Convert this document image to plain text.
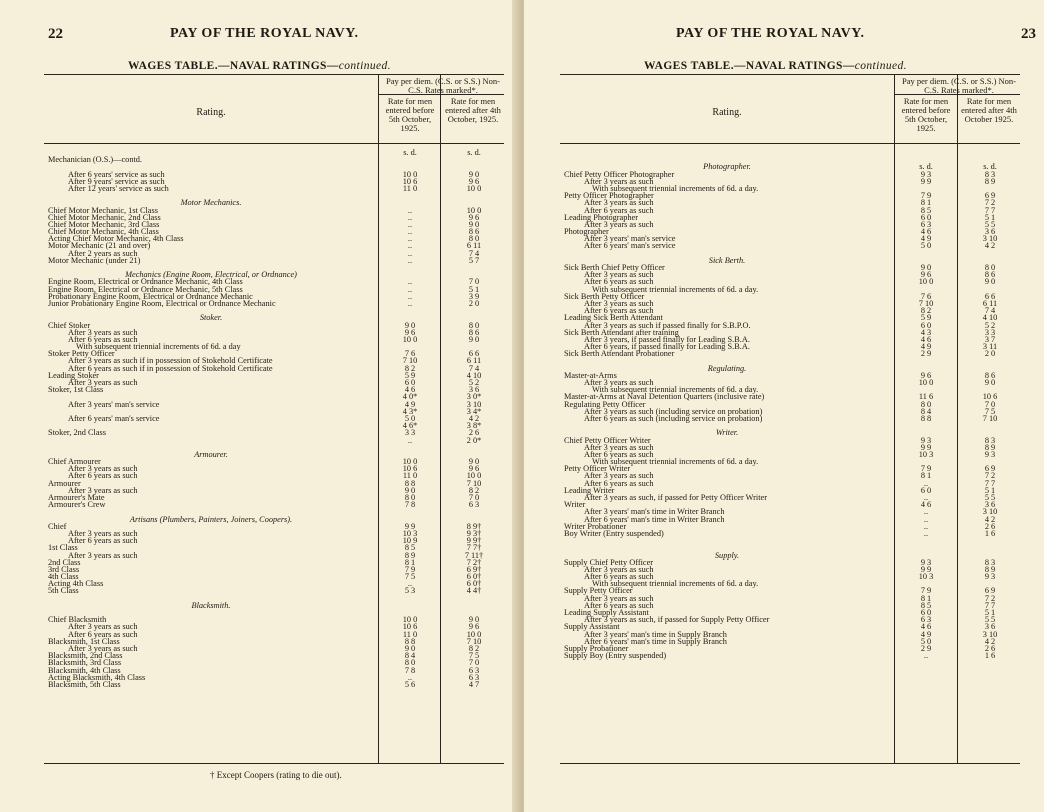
22	PAY OF THE ROYAL NAVY.
WAGES TABLE.—NAVAL RATINGS—continued.
Pay per diem. (C.S. or S.S.) Non-C.S. Rates marked*.
Rate for men entered before 5th October, 1925.
Rate for men entered after 4th October, 1925.
Rating.
s. d.	s. d.
Mechanician (O.S.)—contd.
After 6 years' service as such	10 0	9 0
After 9 years' service as such	10 6	9 6
After 12 years' service as such	11 0	10 0
Motor Mechanics.
Chief Motor Mechanic, 1st Class	..	10 0
Chief Motor Mechanic, 2nd Class	..	9 6
Chief Motor Mechanic, 3rd Class	..	9 0
Chief Motor Mechanic, 4th Class	..	8 6
Acting Chief Motor Mechanic, 4th Class	..	8 0
Motor Mechanic (21 and over)	..	6 11
After 2 years as such	..	7 4
Motor Mechanic (under 21)	..	5 7
Mechanics (Engine Room, Electrical, or Ordnance)
Engine Room, Electrical or Ordnance Mechanic, 4th Class	..	7 0
Engine Room, Electrical or Ordnance Mechanic, 5th Class	..	5 1
Probationary Engine Room, Electrical or Ordnance Mechanic	..	3 9
Junior Probationary Engine Room, Electrical or Ordnance Mechanic	..	2 0
Stoker.
Chief Stoker	9 0	8 0
After 3 years as such	9 6	8 6
After 6 years as such	10 0	9 0
With subsequent triennial increments of 6d. a day
Stoker Petty Officer	7 6	6 6
After 3 years as such if in possession of Stokehold Certificate	7 10	6 11
After 6 years as such if in possession of Stokehold Certificate	8 2	7 4
Leading Stoker	5 9	4 10
After 3 years as such	6 0	5 2
Stoker, 1st Class	4 6	3 6
4 0*	3 0*
After 3 years' man's service	4 9	3 10
4 3*	3 4*
After 6 years' man's service	5 0	4 2
4 6*	3 8*
Stoker, 2nd Class	3 3	2 6
..	2 0*
Armourer.
Chief Armourer	10 0	9 0
After 3 years as such	10 6	9 6
After 6 years as such	11 0	10 0
Armourer	8 8	7 10
After 3 years as such	9 0	8 2
Armourer's Mate	8 0	7 0
Armourer's Crew	7 8	6 3
Artisans (Plumbers, Painters, Joiners, Coopers).
Chief	9 9	8 9†
After 3 years as such	10 3	9 3†
After 6 years as such	10 9	9 9†
1st Class	8 5	7 7†
After 3 years as such	8 9	7 11†
2nd Class	8 1	7 2†
3rd Class	7 9	6 9†
4th Class	7 5	6 0†
Acting 4th Class	..	6 0†
5th Class	5 3	4 4†
Blacksmith.
Chief Blacksmith	10 0	9 0
After 3 years as such	10 6	9 6
After 6 years as such	11 0	10 0
Blacksmith, 1st Class	8 8	7 10
After 3 years as such	9 0	8 2
Blacksmith, 2nd Class	8 4	7 5
Blacksmith, 3rd Class	8 0	7 0
Blacksmith, 4th Class	7 8	6 3
Acting Blacksmith, 4th Class	..	6 3
Blacksmith, 5th Class	5 6	4 7
† Except Coopers (rating to die out).
23
PAY OF THE ROYAL NAVY.
WAGES TABLE.—NAVAL RATINGS—continued.
Pay per diem. (C.S. or S.S.) Non-C.S. Rates marked*.
Rate for men entered before 5th October, 1925.
Rate for men entered after 4th October 1925.
Rating.
Photographer.	s. d.	s. d.
Chief Petty Officer Photographer	9 3	8 3
After 3 years as such	9 9	8 9
With subsequent triennial increments of 6d. a day.
Petty Officer Photographer	7 9	6 9
After 3 years as such	8 1	7 2
After 6 years as such	8 5	7 7
Leading Photographer	6 0	5 1
After 3 years as such	6 3	5 5
Photographer	4 6	3 6
After 3 years' man's service	4 9	3 10
After 6 years' man's service	5 0	4 2
Sick Berth.
Sick Berth Chief Petty Officer	9 0	8 0
After 3 years as such	9 6	8 6
After 6 years as such	10 0	9 0
With subsequent triennial increments of 6d. a day.
Sick Berth Petty Officer	7 6	6 6
After 3 years as such	7 10	6 11
After 6 years as such	8 2	7 4
Leading Sick Berth Attendant	5 9	4 10
After 3 years as such if passed finally for S.B.P.O.	6 0	5 2
Sick Berth Attendant after training	4 3	3 3
After 3 years, if passed finally for Leading S.B.A.	4 6	3 7
After 6 years, if passed finally for Leading S.B.A.	4 9	3 11
Sick Berth Attendant Probationer	2 9	2 0
Regulating.
Master-at-Arms	9 6	8 6
After 3 years as such	10 0	9 0
With subsequent triennial increments of 6d. a day.
Master-at-Arms at Naval Detention Quarters (inclusive rate)	11 6	10 6
Regulating Petty Officer	8 0	7 0
After 3 years as such (including service on probation)	8 4	7 5
After 6 years as such (including service on probation)	8 8	7 10
Writer.
Chief Petty Officer Writer	9 3	8 3
After 3 years as such	9 9	8 9
After 6 years as such	10 3	9 3
With subsequent triennial increments of 6d. a day.
Petty Officer Writer	7 9	6 9
After 3 years as such	8 1	7 2
After 6 years as such	..	7 7
Leading Writer	6 0	5 1
After 3 years as such, if passed for Petty Officer Writer	..	5 5
Writer	4 6	3 6
After 3 years' man's time in Writer Branch	..	3 10
After 6 years' man's time in Writer Branch	..	4 2
Writer Probationer	..	2 6
Boy Writer (Entry suspended)	..	1 6
Supply.
Supply Chief Petty Officer	9 3	8 3
After 3 years as such	9 9	8 9
After 6 years as such	10 3	9 3
With subsequent triennial increments of 6d. a day.
Supply Petty Officer	7 9	6 9
After 3 years as such	8 1	7 2
After 6 years as such	8 5	7 7
Leading Supply Assistant	6 0	5 1
After 3 years as such, if passed for Supply Petty Officer	6 3	5 5
Supply Assistant	4 6	3 6
After 3 years' man's time in Supply Branch	4 9	3 10
After 6 years' man's time in Supply Branch	5 0	4 2
Supply Probationer	2 9	2 6
Supply Boy (Entry suspended)	..	1 6
